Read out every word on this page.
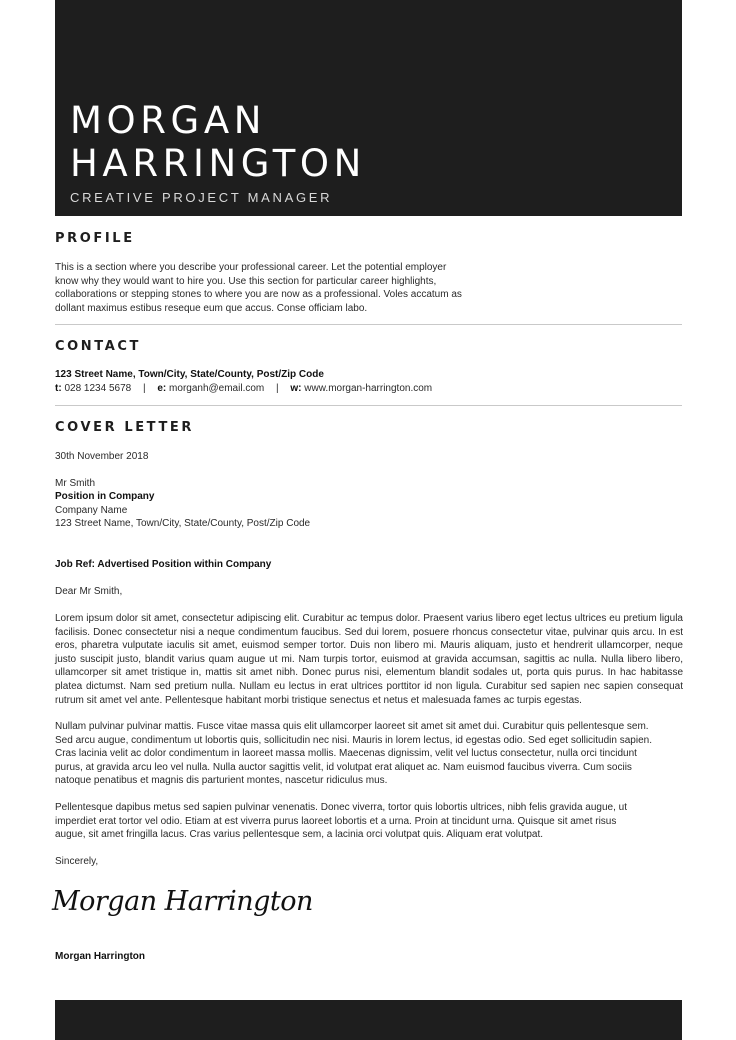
MORGAN
HARRINGTON
CREATIVE PROJECT MANAGER
PROFILE

This is a section where you describe your professional career. Let the potential employer know why they would want to hire you. Use this section for particular career highlights, collaborations or stepping stones to where you are now as a professional. Voles accatum as dollant maximus estibus reseque eum que accus. Conse officiam labo.

CONTACT
123 Street Name, Town/City, State/County, Post/Zip Code
t: 028 1234 5678 | e: morganh@email.com | w: www.morgan-harrington.com
COVER LETTER
30th November 2018
Mr Smith
Position in Company
Company Name
123 Street Name, Town/City, State/County, Post/Zip Code
Job Ref: Advertised Position within Company
Dear Mr Smith,

Lorem ipsum dolor sit amet, consectetur adipiscing elit. Curabitur ac tempus dolor. Praesent varius libero eget lectus ultrices eu pretium ligula facilisis. Donec consectetur nisi a neque condimentum faucibus. Sed dui lorem, posuere rhoncus consectetur vitae, pulvinar quis arcu. In est eros, pharetra vulputate iaculis sit amet, euismod semper tortor. Duis non libero mi. Mauris aliquam, justo et hendrerit ullamcorper, neque justo suscipit justo, blandit varius quam augue ut mi. Nam turpis tortor, euismod at gravida accumsan, sagittis ac nulla. Nulla libero libero, ullamcorper sit amet tristique in, mattis sit amet nibh. Donec purus nisi, elementum blandit sodales ut, porta quis purus. In hac habitasse platea dictumst. Nam sed pretium nulla. Nullam eu lectus in erat ultrices porttitor id non ligula. Curabitur sed sapien nec sapien consequat rutrum sit amet vel ante. Pellentesque habitant morbi tristique senectus et netus et malesuada fames ac turpis egestas.

Nullam pulvinar pulvinar mattis. Fusce vitae massa quis elit ullamcorper laoreet sit amet sit amet dui. Curabitur quis pellentesque sem. Sed arcu augue, condimentum ut lobortis quis, sollicitudin nec nisi. Mauris in lorem lectus, id egestas odio. Sed eget sollicitudin sapien. Cras lacinia velit ac dolor condimentum in laoreet massa mollis. Maecenas dignissim, velit vel luctus consectetur, nulla orci tincidunt purus, at gravida arcu leo vel nulla. Nulla auctor sagittis velit, id volutpat erat aliquet ac. Nam euismod faucibus viverra. Cum sociis natoque penatibus et magnis dis parturient montes, nascetur ridiculus mus.

Pellentesque dapibus metus sed sapien pulvinar venenatis. Donec viverra, tortor quis lobortis ultrices, nibh felis gravida augue, ut imperdiet erat tortor vel odio. Etiam at est viverra purus laoreet lobortis et a urna. Proin at tincidunt urna. Quisque sit amet risus augue, sit amet fringilla lacus. Cras varius pellentesque sem, a lacinia orci volutpat quis. Aliquam erat volutpat.

Sincerely,
Morgan Harrington
Morgan Harrington
